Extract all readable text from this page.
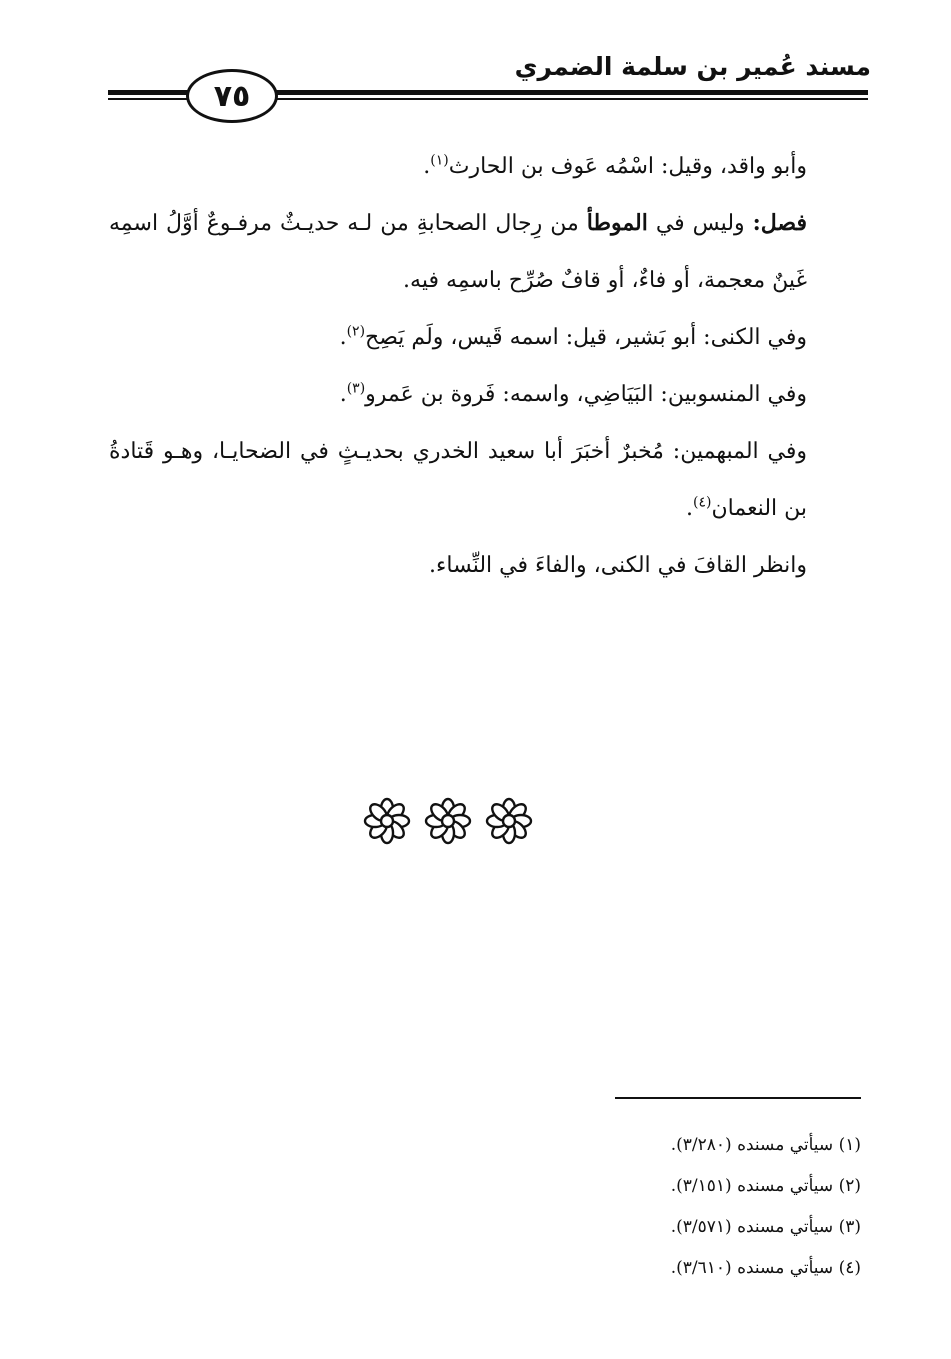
مسند عُمير بن سلمة الضمري
٧٥

وأبو واقد، وقيل: اسْمُه عَوف بن الحارث$^{(١)}$.

فصل: وليس في الموطأ من رِجال الصحابةِ من لـه حديـثٌ مرفـوعٌ أوَّلُ اسمِه غَينٌ معجمة، أو فاءٌ، أو قافٌ صُرِّح باسمِه فيه.

وفي الكنى: أبو بَشير، قيل: اسمه قَيس، ولَم يَصِح$^{(٢)}$.

وفي المنسوبين: البَيَاضِي، واسمه: فَروة بن عَمرو$^{(٣)}$.

وفي المبهمين: مُخبرٌ أخبَرَ أبا سعيد الخدري بحديـثٍ في الضحايـا، وهـو قَتادةُ بن النعمان$^{(٤)}$.

وانظر القافَ في الكنى، والفاءَ في النِّساء.

(١) سيأتي مسنده (٣/٢٨٠).
(٢) سيأتي مسنده (٣/١٥١).
(٣) سيأتي مسنده (٣/٥٧١).
(٤) سيأتي مسنده (٣/٦١٠).
